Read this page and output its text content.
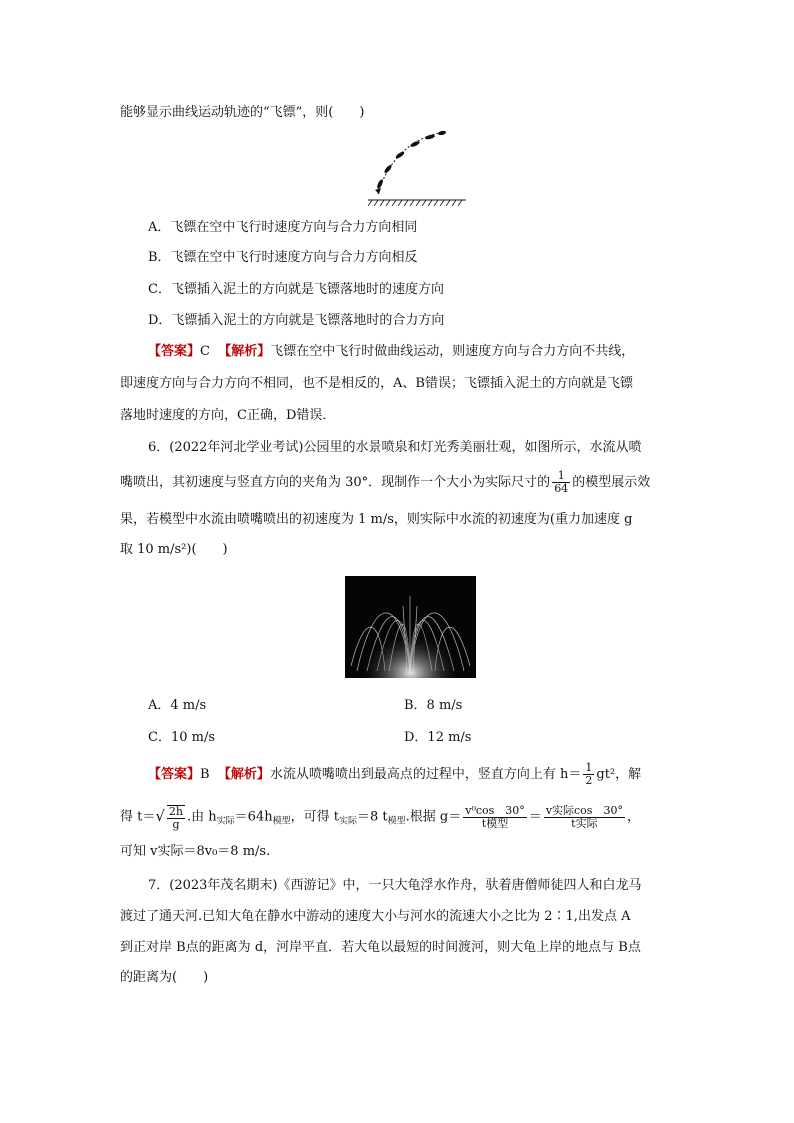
能够显示曲线运动轨迹的“飞镖”，则(　　)
A．飞镖在空中飞行时速度方向与合力方向相同
B．飞镖在空中飞行时速度方向与合力方向相反
C．飞镖插入泥土的方向就是飞镖落地时的速度方向
D．飞镖插入泥土的方向就是飞镖落地时的合力方向
【答案】C 【解析】飞镖在空中飞行时做曲线运动，则速度方向与合力方向不共线，
即速度方向与合力方向不相同，也不是相反的，A、B错误；飞镖插入泥土的方向就是飞镖
落地时速度的方向，C正确，D错误．
6．(2022年河北学业考试)公园里的水景喷泉和灯光秀美丽壮观，如图所示，水流从喷
嘴喷出，其初速度与竖直方向的夹角为 30°．现制作一个大小为实际尺寸的 $\frac{1}{64}$ 的模型展示效
果，若模型中水流由喷嘴喷出的初速度为 1 m/s，则实际中水流的初速度为(重力加速度 g
取 10 m/s²)(　　)
A．4 m/s	B．8 m/s
C．10 m/s	D．12 m/s
【答案】B 【解析】水流从喷嘴喷出到最高点的过程中，竖直方向上有 $h= \frac{1}{2} gt^2$，解
得 $t=√ \frac{2h}{g}$ .由 $h_{实际}=64h_{模型}$，可得 $t_{实际}=8$ $t_{模型}$.根据 $g= \frac{\text{v⁰cos　30°}}{\text{t模型}} = \frac{\text{v实际cos　30°}}{\text{t实际}}$ ，
可知 v实际＝8v₀＝8 m/s.
7．(2023年茂名期末)《西游记》中，一只大龟浮水作舟，驮着唐僧师徒四人和白龙马
渡过了通天河.已知大龟在静水中游动的速度大小与河水的流速大小之比为 2∶1,出发点 A
到正对岸 B点的距离为 d，河岸平直．若大龟以最短的时间渡河，则大龟上岸的地点与 B点
的距离为(　　)
